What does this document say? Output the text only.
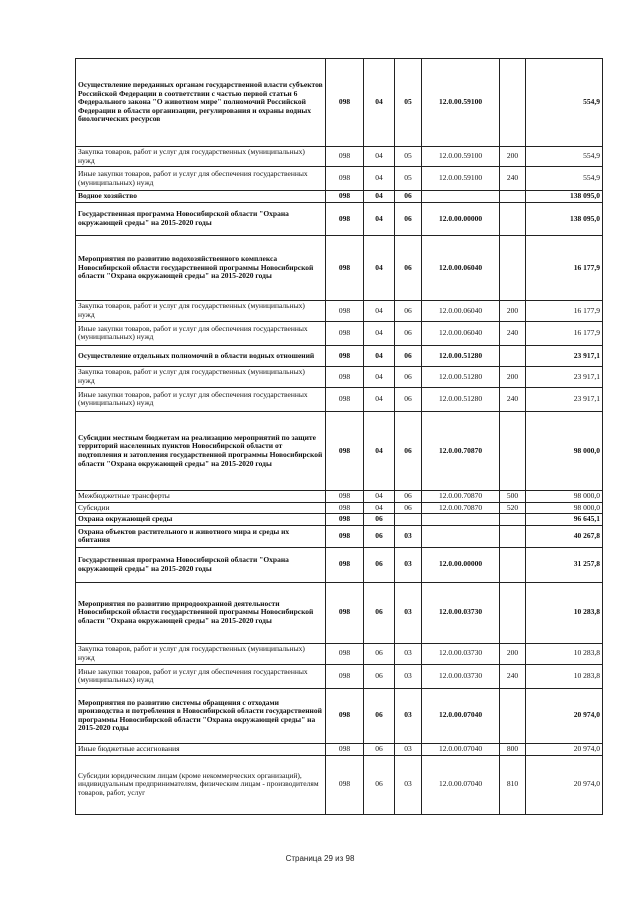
Осуществление переданных органам государственной власти субъектов Российской Федерации в соответствии с частью первой статьи 6 Федерального закона "О животном мире" полномочий Российской Федерации в области организации, регулирования и охраны водных биологических ресурсов	098	04	05	12.0.00.59100		554,9
Закупка товаров, работ и услуг для государственных (муниципальных) нужд	098	04	05	12.0.00.59100	200	554,9
Иные закупки товаров, работ и услуг для обеспечения государственных (муниципальных) нужд	098	04	05	12.0.00.59100	240	554,9
Водное хозяйство	098	04	06			138 095,0
Государственная программа Новосибирской области "Охрана окружающей среды" на 2015-2020 годы	098	04	06	12.0.00.00000		138 095,0
Мероприятия по развитию водохозяйственного комплекса Новосибирской области государственной программы Новосибирской области "Охрана окружающей среды" на 2015-2020 годы	098	04	06	12.0.00.06040		16 177,9
Закупка товаров, работ и услуг для государственных (муниципальных) нужд	098	04	06	12.0.00.06040	200	16 177,9
Иные закупки товаров, работ и услуг для обеспечения государственных (муниципальных) нужд	098	04	06	12.0.00.06040	240	16 177,9
Осуществление отдельных полномочий в области водных отношений	098	04	06	12.0.00.51280		23 917,1
Закупка товаров, работ и услуг для государственных (муниципальных) нужд	098	04	06	12.0.00.51280	200	23 917,1
Иные закупки товаров, работ и услуг для обеспечения государственных (муниципальных) нужд	098	04	06	12.0.00.51280	240	23 917,1
Субсидии местным бюджетам на реализацию мероприятий по защите территорий населенных пунктов Новосибирской области от подтопления и затопления государственной программы Новосибирской области "Охрана окружающей среды" на 2015-2020 годы	098	04	06	12.0.00.70870		98 000,0
Межбюджетные трансферты	098	04	06	12.0.00.70870	500	98 000,0
Субсидии	098	04	06	12.0.00.70870	520	98 000,0
Охрана окружающей среды	098	06				96 645,1
Охрана объектов растительного и животного мира и среды их обитания	098	06	03			40 267,8
Государственная программа Новосибирской области "Охрана окружающей среды" на 2015-2020 годы	098	06	03	12.0.00.00000		31 257,8
Мероприятия по развитию природоохранной деятельности Новосибирской области государственной программы Новосибирской области "Охрана окружающей среды" на 2015-2020 годы	098	06	03	12.0.00.03730		10 283,8
Закупка товаров, работ и услуг для государственных (муниципальных) нужд	098	06	03	12.0.00.03730	200	10 283,8
Иные закупки товаров, работ и услуг для обеспечения государственных (муниципальных) нужд	098	06	03	12.0.00.03730	240	10 283,8
Мероприятия по развитию системы обращения с отходами производства и потребления в Новосибирской области государственной программы Новосибирской области "Охрана окружающей среды" на 2015-2020 годы	098	06	03	12.0.00.07040		20 974,0
Иные бюджетные ассигнования	098	06	03	12.0.00.07040	800	20 974,0
Субсидии юридическим лицам (кроме некоммерческих организаций), индивидуальным предпринимателям, физическим лицам - производителям товаров, работ, услуг	098	06	03	12.0.00.07040	810	20 974,0
Страница 29 из 98
